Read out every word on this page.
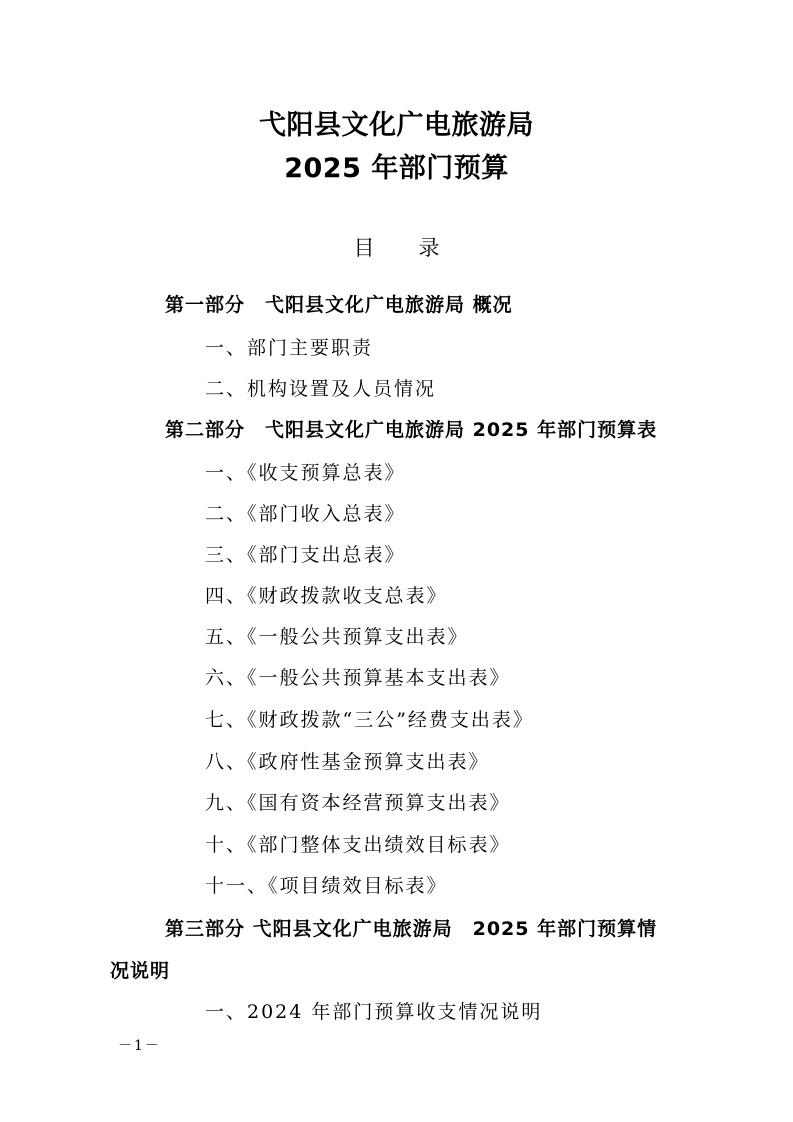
弋阳县文化广电旅游局
2025 年部门预算
目 录
第一部分　弋阳县文化广电旅游局 概况
一、部门主要职责
二、机构设置及人员情况
第二部分　弋阳县文化广电旅游局 2025 年部门预算表
一、《收支预算总表》
二、《部门收入总表》
三、《部门支出总表》
四、《财政拨款收支总表》
五、《一般公共预算支出表》
六、《一般公共预算基本支出表》
七、《财政拨款“三公”经费支出表》
八、《政府性基金预算支出表》
九、《国有资本经营预算支出表》
十、《部门整体支出绩效目标表》
十一、《项目绩效目标表》
第三部分 弋阳县文化广电旅游局　2025 年部门预算情
况说明
一、2024 年部门预算收支情况说明
－1－
